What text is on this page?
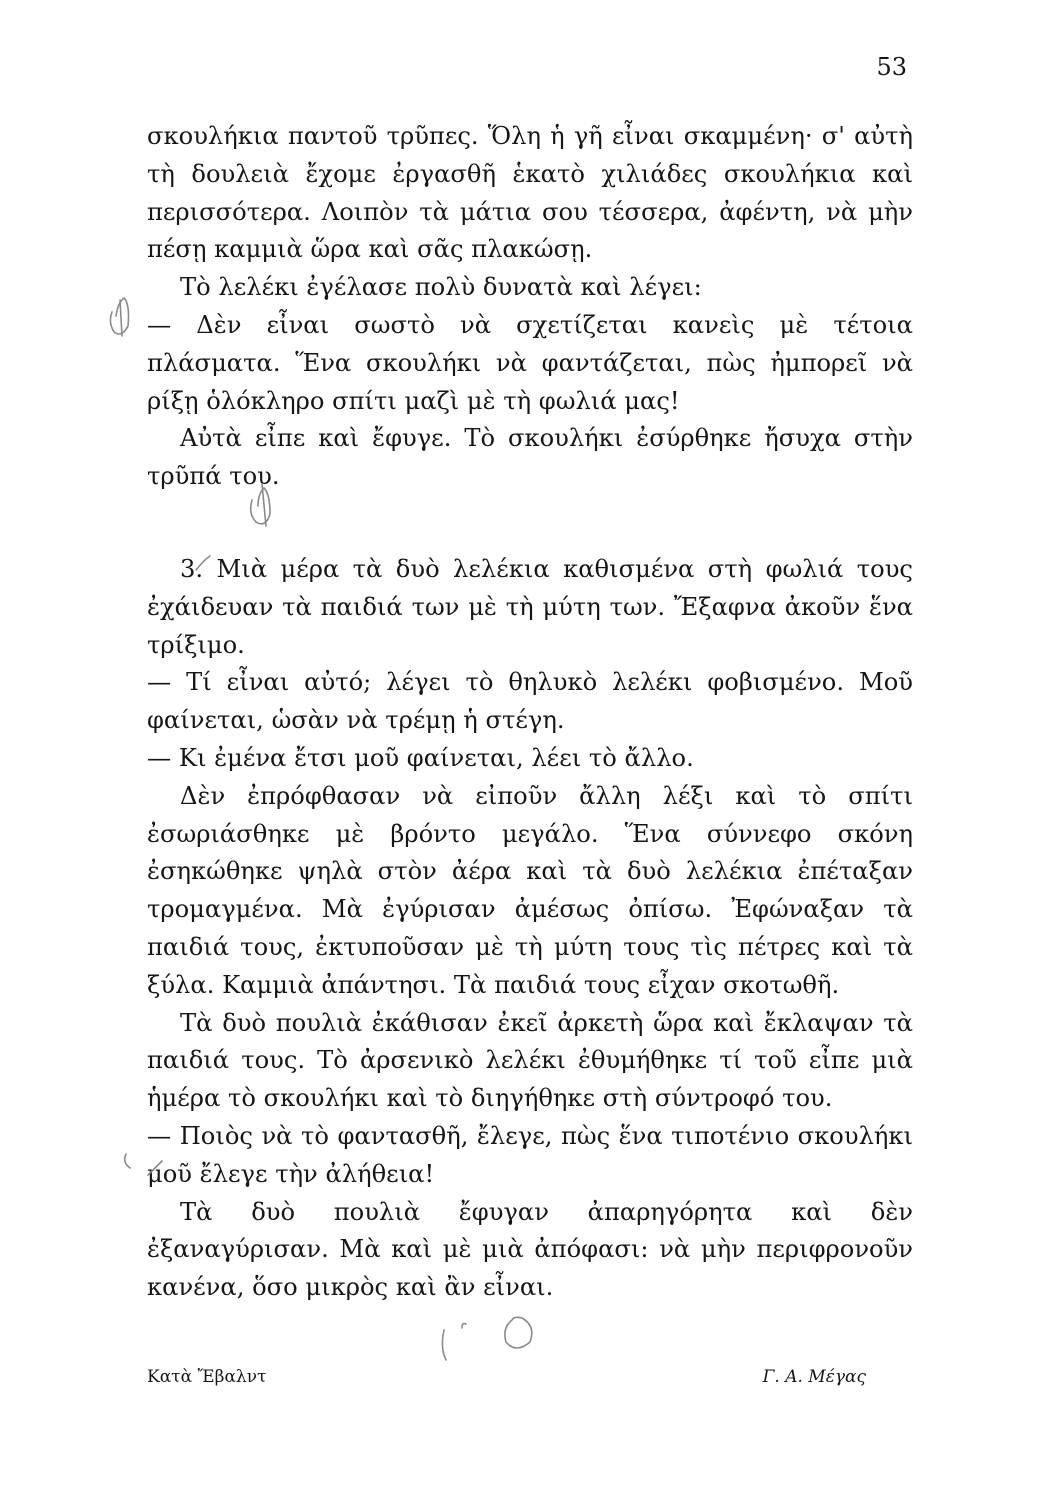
53

σκουλήκια παντοῦ τρῦπες. Ὅλη ἡ γῆ εἶναι σκαμμένη· σ' αὐτὴ τὴ δουλειὰ ἔχομε ἐργασθῆ ἑκατὸ χιλιάδες σκουλήκια καὶ περισσότερα. Λοιπὸν τὰ μάτια σου τέσσερα, ἀφέντη, νὰ μὴν πέσῃ καμμιὰ ὥρα καὶ σᾶς πλακώσῃ.

Τὸ λελέκι ἐγέλασε πολὺ δυνατὰ καὶ λέγει:

— Δὲν εἶναι σωστὸ νὰ σχετίζεται κανεὶς μὲ τέτοια πλάσματα. Ἕνα σκουλήκι νὰ φαντάζεται, πὼς ἠμπορεῖ νὰ ρίξῃ ὁλόκληρο σπίτι μαζὶ μὲ τὴ φωλιά μας!

Αὐτὰ εἶπε καὶ ἔφυγε. Τὸ σκουλήκι ἐσύρθηκε ἤσυχα στὴν τρῦπά του.

3. Μιὰ μέρα τὰ δυὸ λελέκια καθισμένα στὴ φωλιά τους ἐχάιδευαν τὰ παιδιά των μὲ τὴ μύτη των. Ἔξαφνα ἀκοῦν ἕνα τρίξιμο.

— Τί εἶναι αὐτό; λέγει τὸ θηλυκὸ λελέκι φοβισμένο. Μοῦ φαίνεται, ὡσὰν νὰ τρέμῃ ἡ στέγη.

— Κι ἐμένα ἔτσι μοῦ φαίνεται, λέει τὸ ἄλλο.

Δὲν ἐπρόφθασαν νὰ εἰποῦν ἄλλη λέξι καὶ τὸ σπίτι ἐσωριάσθηκε μὲ βρόντο μεγάλο. Ἕνα σύννεφο σκόνη ἐσηκώθηκε ψηλὰ στὸν ἀέρα καὶ τὰ δυὸ λελέκια ἐπέταξαν τρομαγμένα. Μὰ ἐγύρισαν ἀμέσως ὀπίσω. Ἐφώναξαν τὰ παιδιά τους, ἐκτυποῦσαν μὲ τὴ μύτη τους τὶς πέτρες καὶ τὰ ξύλα. Καμμιὰ ἀπάντησι. Τὰ παιδιά τους εἶχαν σκοτωθῆ.

Τὰ δυὸ πουλιὰ ἐκάθισαν ἐκεῖ ἀρκετὴ ὥρα καὶ ἔκλαψαν τὰ παιδιά τους. Τὸ ἀρσενικὸ λελέκι ἐθυμήθηκε τί τοῦ εἶπε μιὰ ἡμέρα τὸ σκουλήκι καὶ τὸ διηγήθηκε στὴ σύντροφό του.

— Ποιὸς νὰ τὸ φαντασθῆ, ἔλεγε, πὼς ἕνα τιποτένιο σκουλήκι μοῦ ἔλεγε τὴν ἀλήθεια!

Τὰ δυὸ πουλιὰ ἔφυγαν ἀπαρηγόρητα καὶ δὲν ἐξαναγύρισαν. Μὰ καὶ μὲ μιὰ ἀπόφασι: νὰ μὴν περιφρονοῦν κανένα, ὅσο μικρὸς καὶ ἂν εἶναι.

Κατὰ Ἔβαλντ	Γ. Α. Μέγας
